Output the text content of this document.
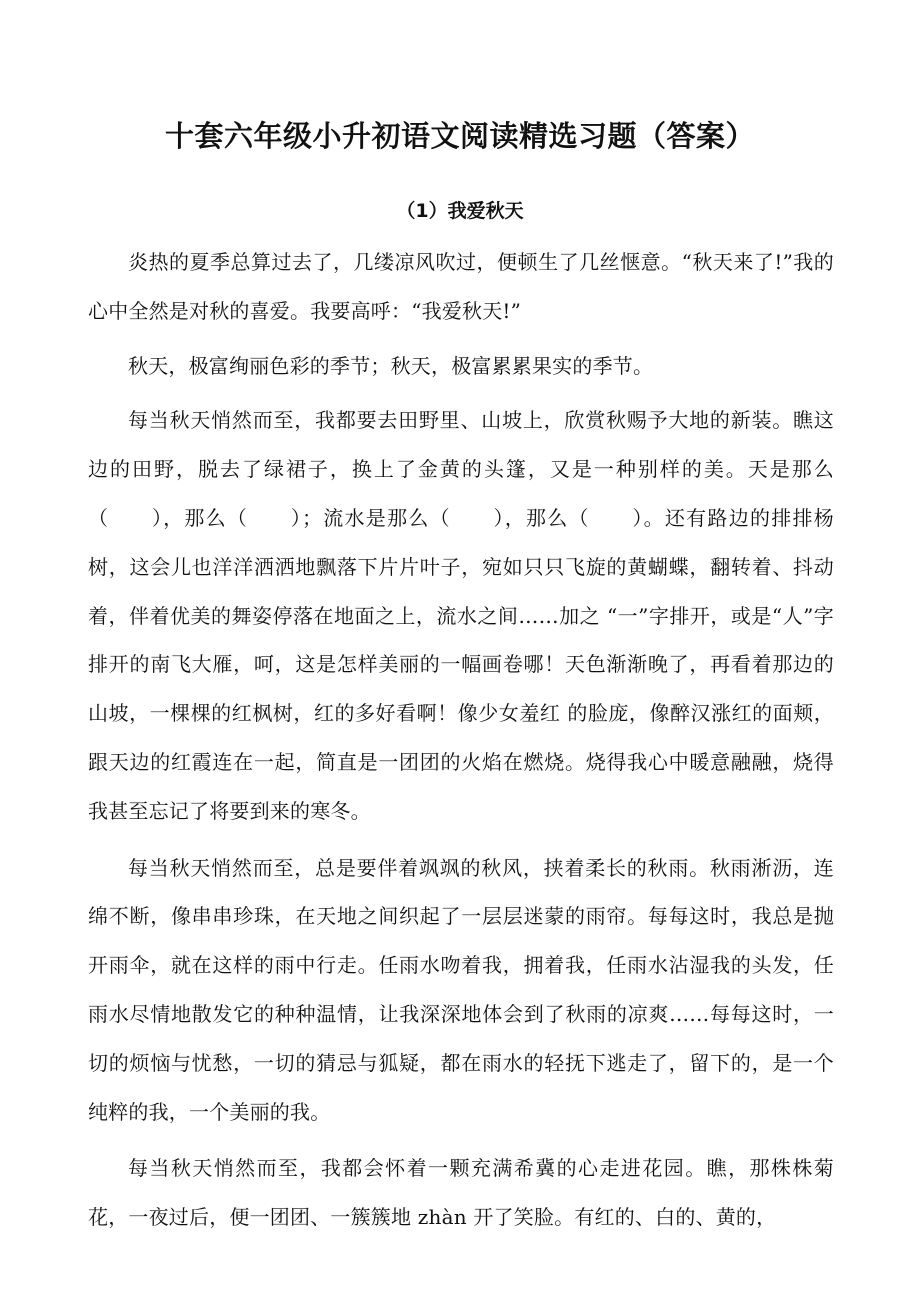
十套六年级小升初语文阅读精选习题（答案）
（1）我爱秋天

炎热的夏季总算过去了，几缕凉风吹过，便顿生了几丝惬意。“秋天来了!”我的心中全然是对秋的喜爱。我要高呼：“我爱秋天!”

秋天，极富绚丽色彩的季节；秋天，极富累累果实的季节。

每当秋天悄然而至，我都要去田野里、山坡上，欣赏秋赐予大地的新装。瞧这边的田野，脱去了绿裙子，换上了金黄的头篷，又是一种别样的美。天是那么 （　　），那么（　　）；流水是那么（　　），那么（　　）。还有路边的排排杨树，这会儿也洋洋洒洒地飘落下片片叶子，宛如只只飞旋的黄蝴蝶，翻转着、抖动着，伴着优美的舞姿停落在地面之上，流水之间……加之 “一”字排开，或是“人”字排开的南飞大雁，呵，这是怎样美丽的一幅画卷哪！天色渐渐晚了，再看着那边的山坡，一棵棵的红枫树，红的多好看啊！像少女羞红 的脸庞，像醉汉涨红的面颊，跟天边的红霞连在一起，简直是一团团的火焰在燃烧。烧得我心中暖意融融，烧得我甚至忘记了将要到来的寒冬。

每当秋天悄然而至，总是要伴着飒飒的秋风，挟着柔长的秋雨。秋雨淅沥，连绵不断，像串串珍珠，在天地之间织起了一层层迷蒙的雨帘。每每这时，我总是抛 开雨伞，就在这样的雨中行走。任雨水吻着我，拥着我，任雨水沾湿我的头发，任雨水尽情地散发它的种种温情，让我深深地体会到了秋雨的凉爽……每每这时，一切的烦恼与忧愁，一切的猜忌与狐疑，都在雨水的轻抚下逃走了，留下的，是一个纯粹的我，一个美丽的我。

每当秋天悄然而至，我都会怀着一颗充满希冀的心走进花园。瞧，那株株菊花，一夜过后，便一团团、一簇簇地 zhàn 开了笑脸。有红的、白的、黄的，
